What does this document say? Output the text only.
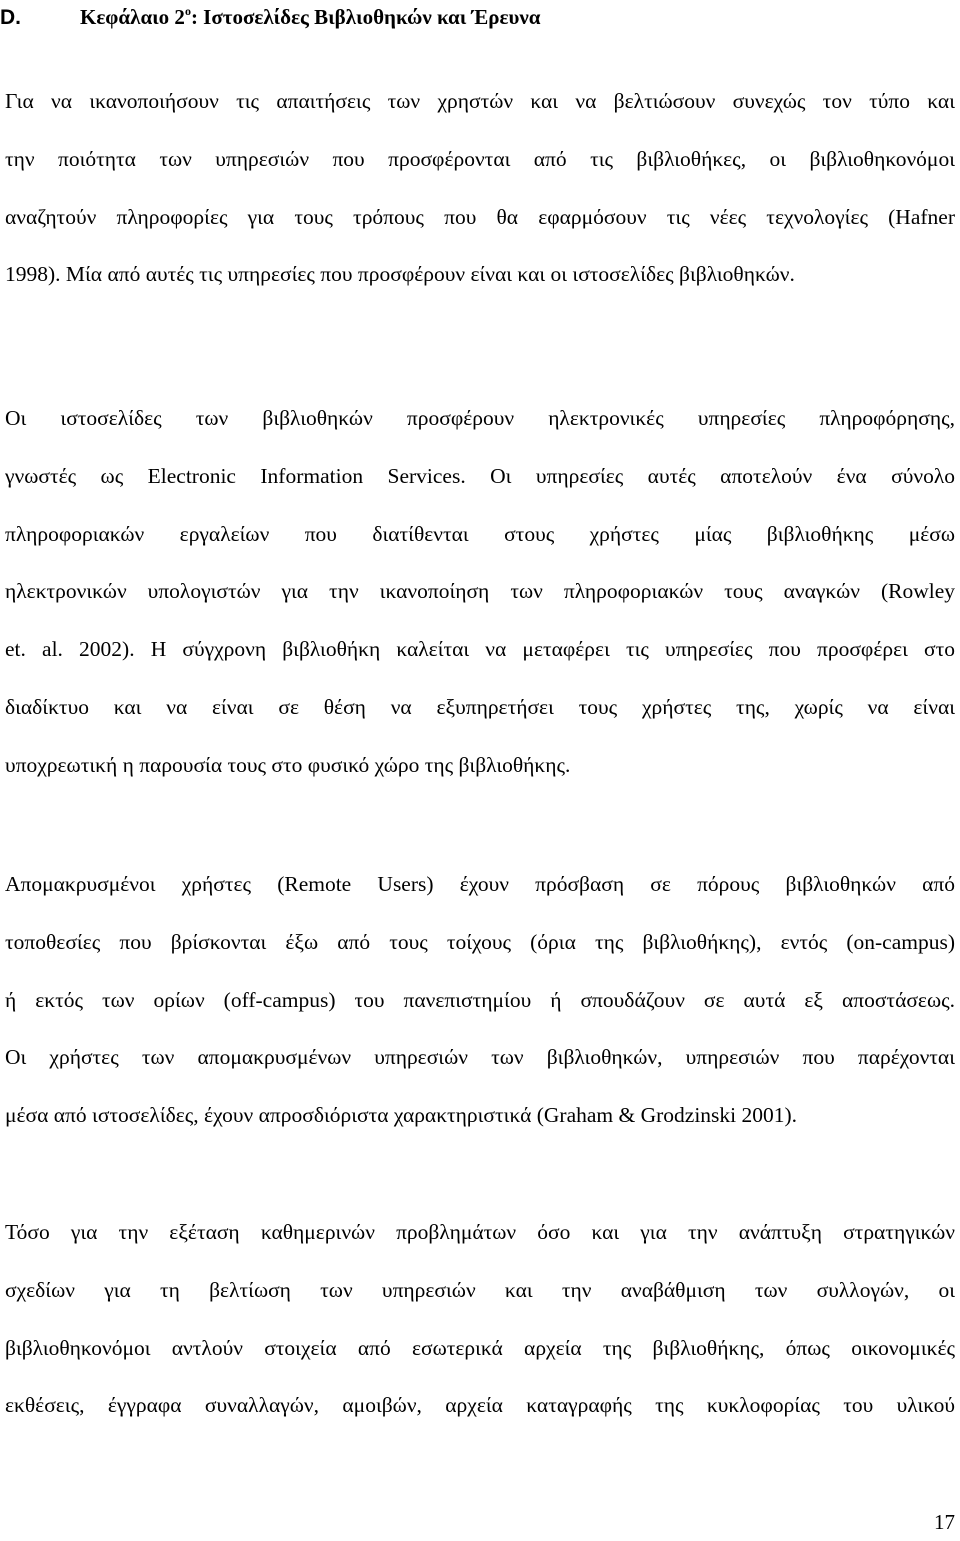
D.	Κεφάλαιο $2^o$: Ιστοσελίδες Βιβλιοθηκών και Έρευνα
Για να ικανοποιήσουν τις απαιτήσεις των χρηστών και να βελτιώσουν συνεχώς τον τύπο και
την ποιότητα των υπηρεσιών που προσφέρονται από τις βιβλιοθήκες, οι βιβλιοθηκονόμοι
αναζητούν πληροφορίες για τους τρόπους που θα εφαρμόσουν τις νέες τεχνολογίες (Hafner
1998). Μία από αυτές τις υπηρεσίες που προσφέρουν είναι και οι ιστοσελίδες βιβλιοθηκών.
Οι ιστοσελίδες των βιβλιοθηκών προσφέρουν ηλεκτρονικές υπηρεσίες πληροφόρησης,
γνωστές ως Electronic Information Services. Οι υπηρεσίες αυτές αποτελούν ένα σύνολο
πληροφοριακών εργαλείων που διατίθενται στους χρήστες μίας βιβλιοθήκης μέσω
ηλεκτρονικών υπολογιστών για την ικανοποίηση των πληροφοριακών τους αναγκών (Rowley
et. al. 2002). Η σύγχρονη βιβλιοθήκη καλείται να μεταφέρει τις υπηρεσίες που προσφέρει στο
διαδίκτυο και να είναι σε θέση να εξυπηρετήσει τους χρήστες της, χωρίς να είναι
υποχρεωτική η παρουσία τους στο φυσικό χώρο της βιβλιοθήκης.
Απομακρυσμένοι χρήστες (Remote Users) έχουν πρόσβαση σε πόρους βιβλιοθηκών από
τοποθεσίες που βρίσκονται έξω από τους τοίχους (όρια της βιβλιοθήκης), εντός (on-campus)
ή εκτός των ορίων (off-campus) του πανεπιστημίου ή σπουδάζουν σε αυτά εξ αποστάσεως.
Οι χρήστες των απομακρυσμένων υπηρεσιών των βιβλιοθηκών, υπηρεσιών που παρέχονται
μέσα από ιστοσελίδες, έχουν απροσδιόριστα χαρακτηριστικά (Graham & Grodzinski 2001).
Τόσο για την εξέταση καθημερινών προβλημάτων όσο και για την ανάπτυξη στρατηγικών
σχεδίων για τη βελτίωση των υπηρεσιών και την αναβάθμιση των συλλογών, οι
βιβλιοθηκονόμοι αντλούν στοιχεία από εσωτερικά αρχεία της βιβλιοθήκης, όπως οικονομικές
εκθέσεις, έγγραφα συναλλαγών, αμοιβών, αρχεία καταγραφής της κυκλοφορίας του υλικού
17
